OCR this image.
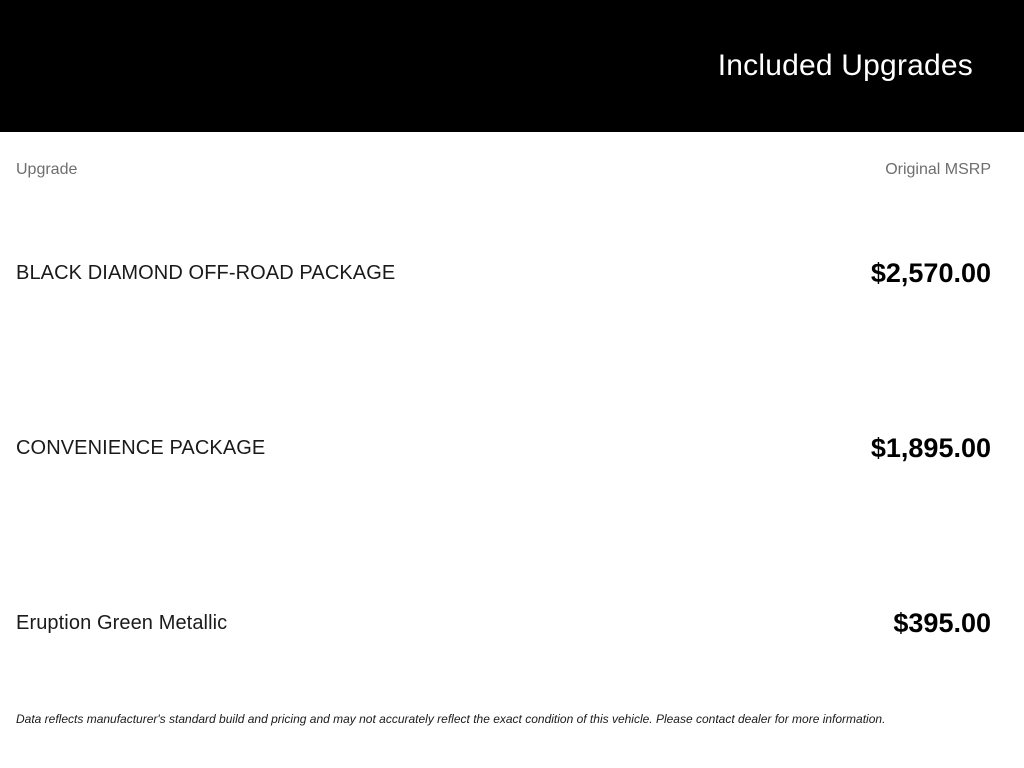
Included Upgrades
Upgrade	Original MSRP
BLACK DIAMOND OFF-ROAD PACKAGE	$2,570.00
CONVENIENCE PACKAGE	$1,895.00
Eruption Green Metallic	$395.00

Data reflects manufacturer's standard build and pricing and may not accurately reflect the exact condition of this vehicle. Please contact dealer for more information.
